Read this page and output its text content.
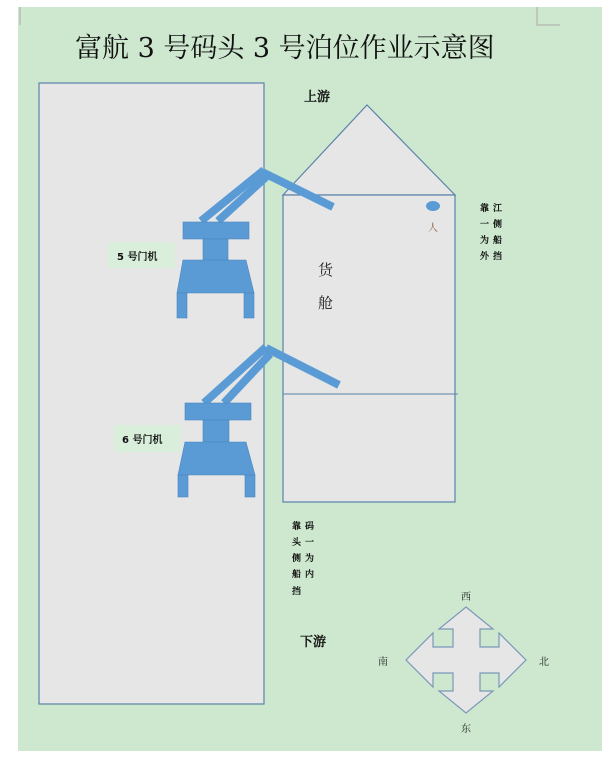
富航 3 号码头 3 号泊位作业示意图
上游
下游
货
舱
人
5 号门机
6 号门机
靠江
一侧
为船
外挡
靠码
头一
侧为
船内
挡	西
东
南	北
